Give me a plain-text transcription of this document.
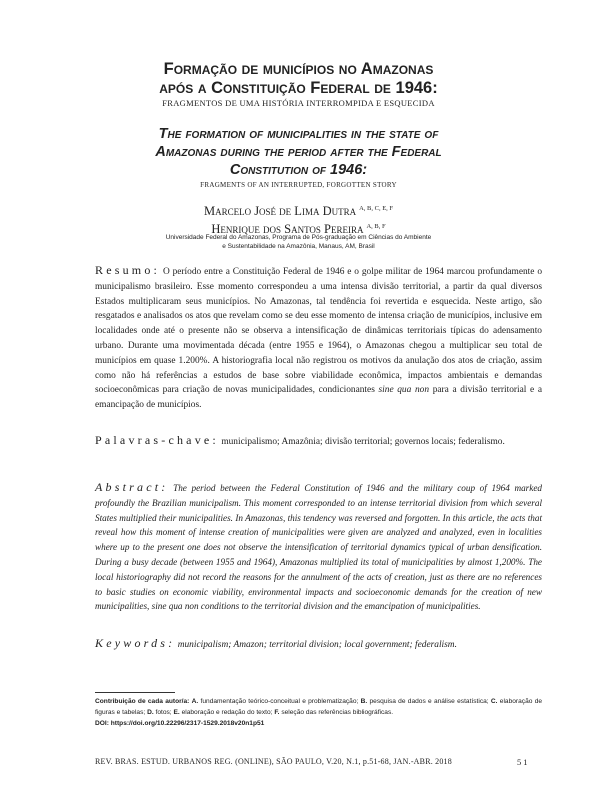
Formação de municípios no Amazonas
após a Constituição Federal de 1946:
FRAGMENTOS DE UMA HISTÓRIA INTERROMPIDA E ESQUECIDA
The formation of municipalities in the state of
Amazonas during the period after the Federal
Constitution of 1946:
FRAGMENTS OF AN INTERRUPTED, FORGOTTEN STORY
Marcelo José de Lima Dutra $^{A, B, C, E, F}$
Henrique dos Santos Pereira $^{A, B, F}$
Universidade Federal do Amazonas, Programa de Pós-graduação em Ciências do Ambiente
e Sustentabilidade na Amazônia, Manaus, AM, Brasil
Resumo: O período entre a Constituição Federal de 1946 e o golpe militar de 1964 marcou profundamente o municipalismo brasileiro. Esse momento correspondeu a uma intensa divisão territorial, a partir da qual diversos Estados multiplicaram seus municípios. No Amazonas, tal tendência foi revertida e esquecida. Neste artigo, são resgatados e analisados os atos que revelam como se deu esse momento de intensa criação de municípios, inclusive em localidades onde até o presente não se observa a intensificação de dinâmicas territoriais típicas do adensamento urbano. Durante uma movimentada década (entre 1955 e 1964), o Amazonas chegou a multiplicar seu total de municípios em quase 1.200%. A historiografia local não registrou os motivos da anulação dos atos de criação, assim como não há referências a estudos de base sobre viabilidade econômica, impactos ambientais e demandas socioeconômicas para criação de novas municipalidades, condicionantes sine qua non para a divisão territorial e a emancipação de municípios.
Palavras-chave: municipalismo; Amazônia; divisão territorial; governos locais; federalismo.
Abstract: The period between the Federal Constitution of 1946 and the military coup of 1964 marked profoundly the Brazilian municipalism. This moment corresponded to an intense territorial division from which several States multiplied their municipalities. In Amazonas, this tendency was reversed and forgotten. In this article, the acts that reveal how this moment of intense creation of municipalities were given are analyzed and analyzed, even in localities where up to the present one does not observe the intensification of territorial dynamics typical of urban densification. During a busy decade (between 1955 and 1964), Amazonas multiplied its total of municipalities by almost 1,200%. The local historiography did not record the reasons for the annulment of the acts of creation, just as there are no references to basic studies on economic viability, environmental impacts and socioeconomic demands for the creation of new municipalities, sine qua non conditions to the territorial division and the emancipation of municipalities.
Keywords: municipalism; Amazon; territorial division; local government; federalism.
Contribuição de cada autor/a: A. fundamentação teórico-conceitual e problematização; B. pesquisa de dados e análise estatística; C. elaboração de figuras e tabelas; D. fotos; E. elaboração e redação do texto; F. seleção das referências bibliográficas.
DOI: https://doi.org/10.22296/2317-1529.2018v20n1p51
REV. BRAS. ESTUD. URBANOS REG. (ONLINE), SÃO PAULO, V.20, N.1, p.51-68, JAN.-ABR. 2018	51
